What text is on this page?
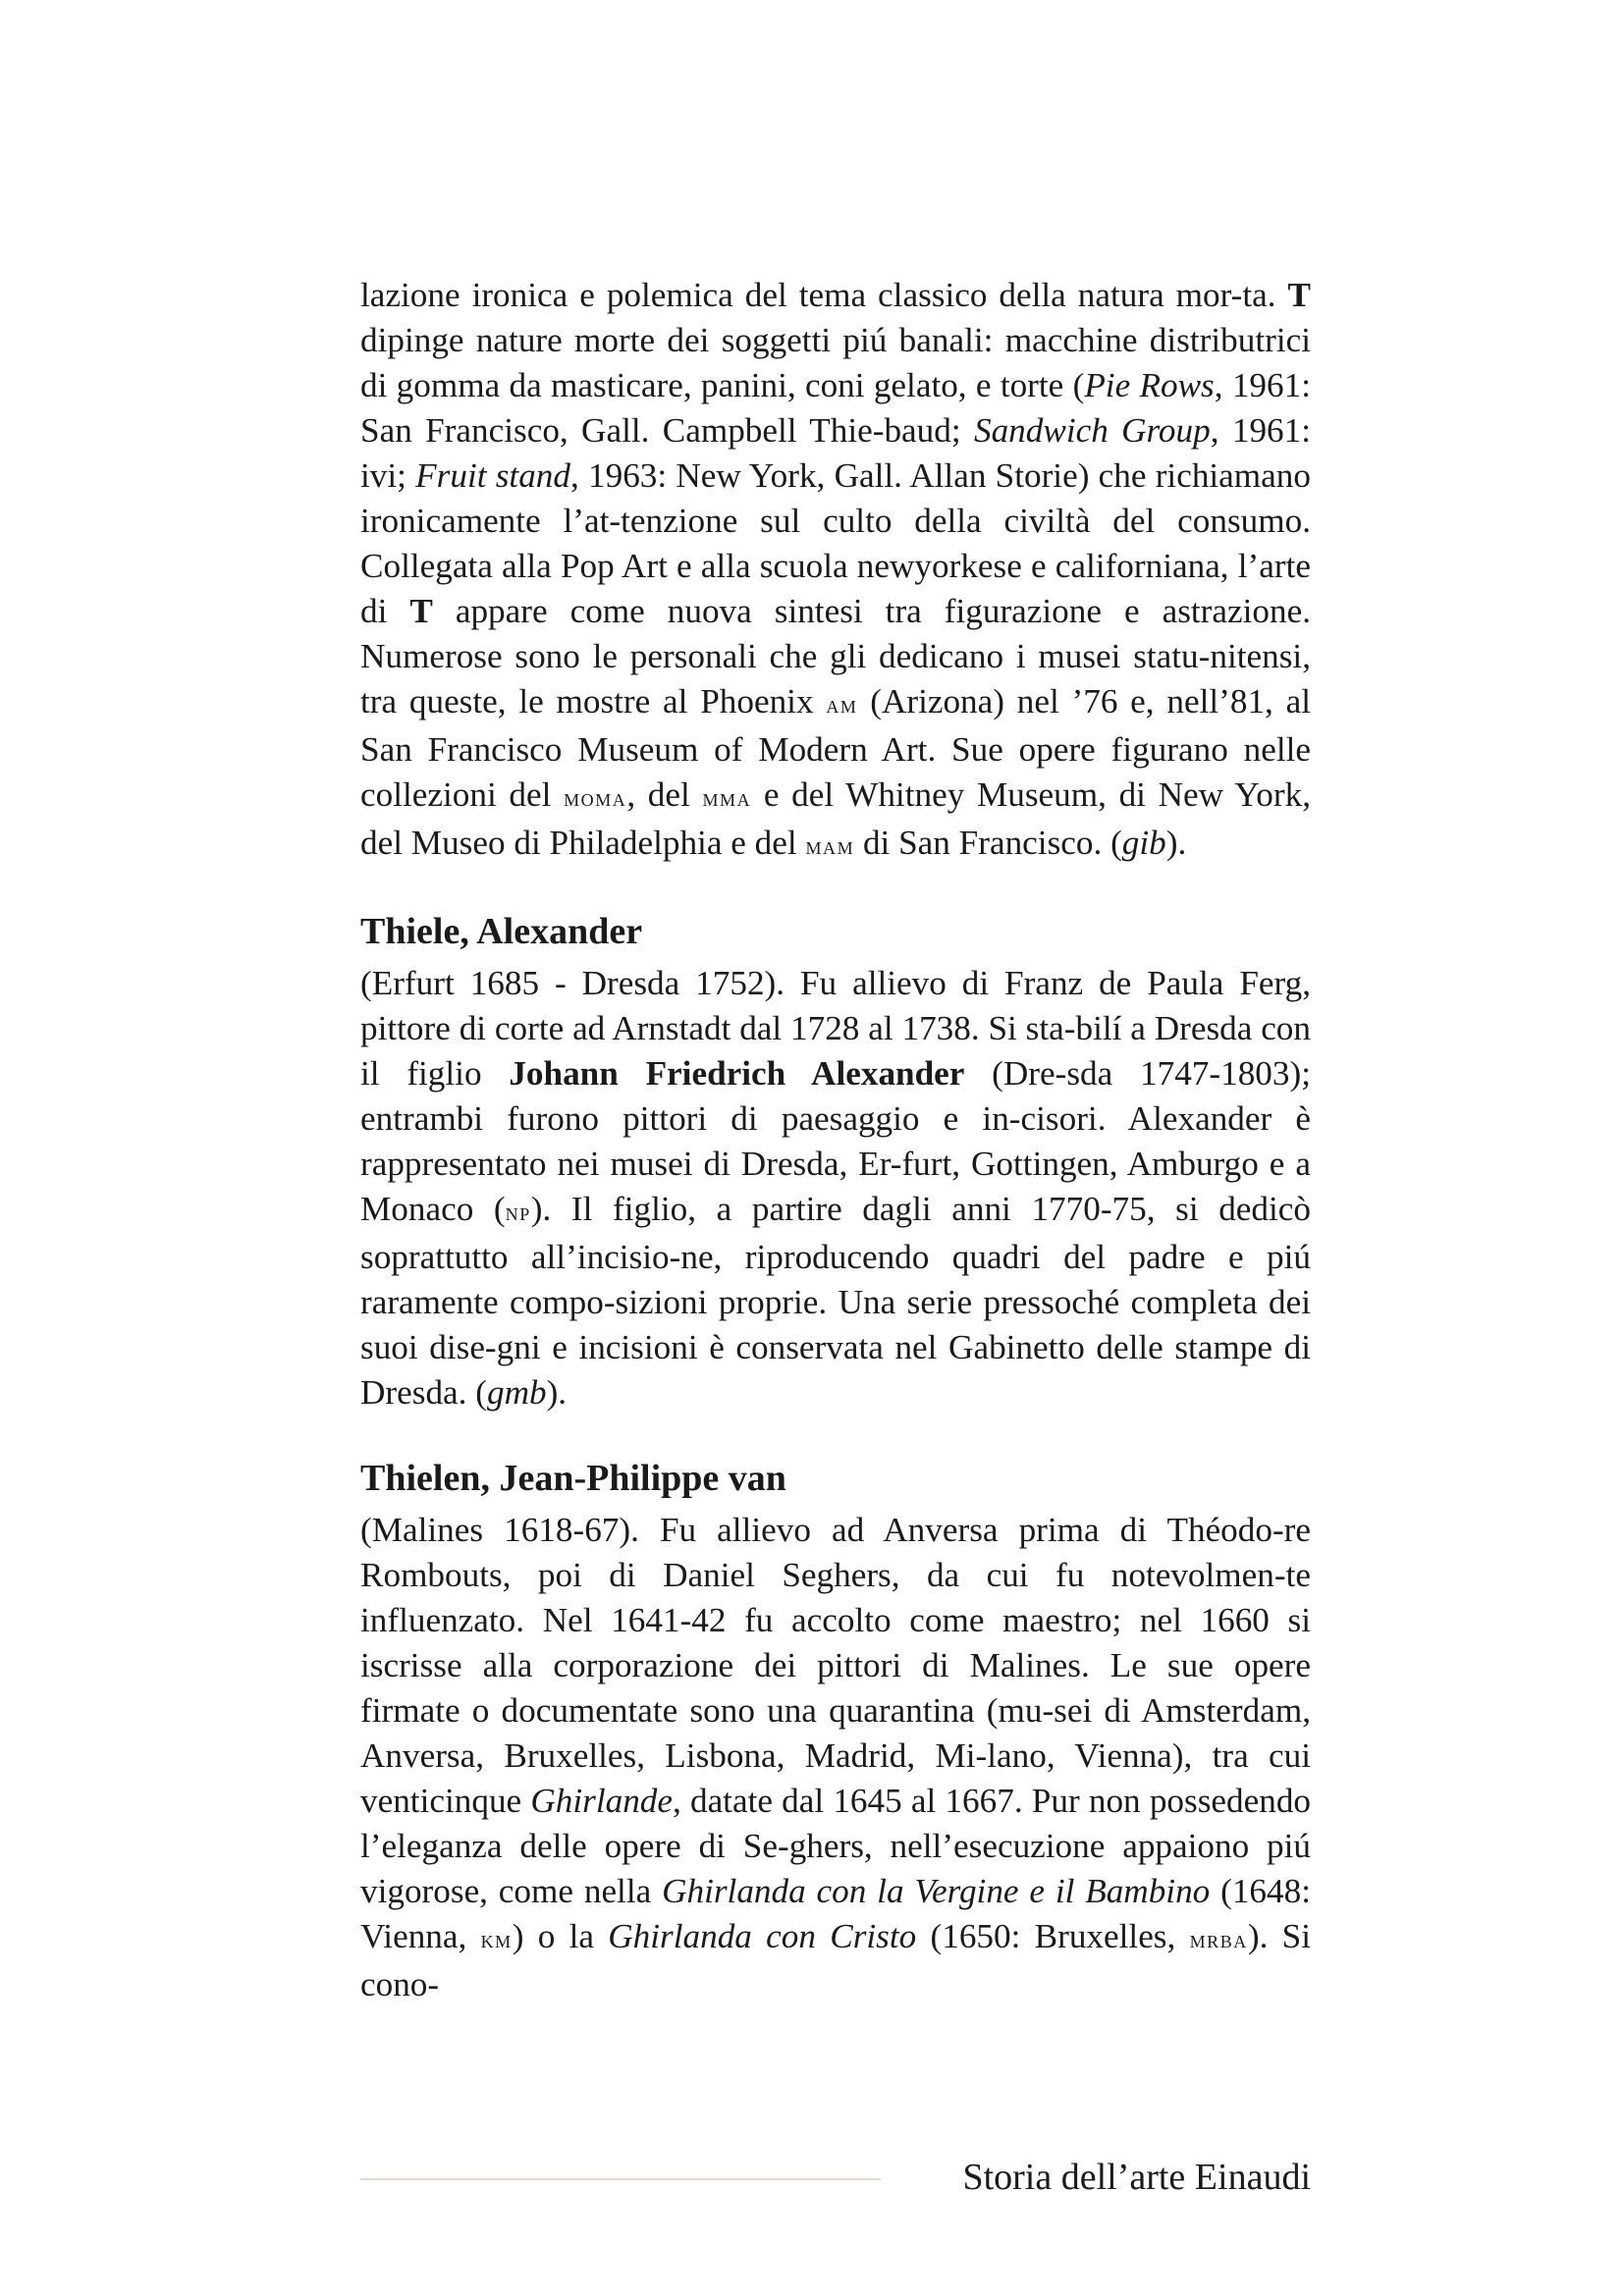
lazione ironica e polemica del tema classico della natura mor-ta. T dipinge nature morte dei soggetti piú banali: macchine distributrici di gomma da masticare, panini, coni gelato, e torte (Pie Rows, 1961: San Francisco, Gall. Campbell Thie-baud; Sandwich Group, 1961: ivi; Fruit stand, 1963: New York, Gall. Allan Storie) che richiamano ironicamente l’at-tenzione sul culto della civiltà del consumo. Collegata alla Pop Art e alla scuola newyorkese e californiana, l’arte di T appare come nuova sintesi tra figurazione e astrazione. Numerose sono le personali che gli dedicano i musei statu-nitensi, tra queste, le mostre al Phoenix am (Arizona) nel ’76 e, nell’81, al San Francisco Museum of Modern Art. Sue opere figurano nelle collezioni del moma, del mma e del Whitney Museum, di New York, del Museo di Philadelphia e del mam di San Francisco. (gib).

Thiele, Alexander

(Erfurt 1685 - Dresda 1752). Fu allievo di Franz de Paula Ferg, pittore di corte ad Arnstadt dal 1728 al 1738. Si sta-bilí a Dresda con il figlio Johann Friedrich Alexander (Dre-sda 1747-1803); entrambi furono pittori di paesaggio e in-cisori. Alexander è rappresentato nei musei di Dresda, Er-furt, Gottingen, Amburgo e a Monaco (np). Il figlio, a partire dagli anni 1770-75, si dedicò soprattutto all’incisio-ne, riproducendo quadri del padre e piú raramente compo-sizioni proprie. Una serie pressoché completa dei suoi dise-gni e incisioni è conservata nel Gabinetto delle stampe di Dresda. (gmb).

Thielen, Jean-Philippe van

(Malines 1618-67). Fu allievo ad Anversa prima di Théodo-re Rombouts, poi di Daniel Seghers, da cui fu notevolmen-te influenzato. Nel 1641-42 fu accolto come maestro; nel 1660 si iscrisse alla corporazione dei pittori di Malines. Le sue opere firmate o documentate sono una quarantina (mu-sei di Amsterdam, Anversa, Bruxelles, Lisbona, Madrid, Mi-lano, Vienna), tra cui venticinque Ghirlande, datate dal 1645 al 1667. Pur non possedendo l’eleganza delle opere di Se-ghers, nell’esecuzione appaiono piú vigorose, come nella Ghirlanda con la Vergine e il Bambino (1648: Vienna, km) o la Ghirlanda con Cristo (1650: Bruxelles, mrba). Si cono-

Storia dell’arte Einaudi
